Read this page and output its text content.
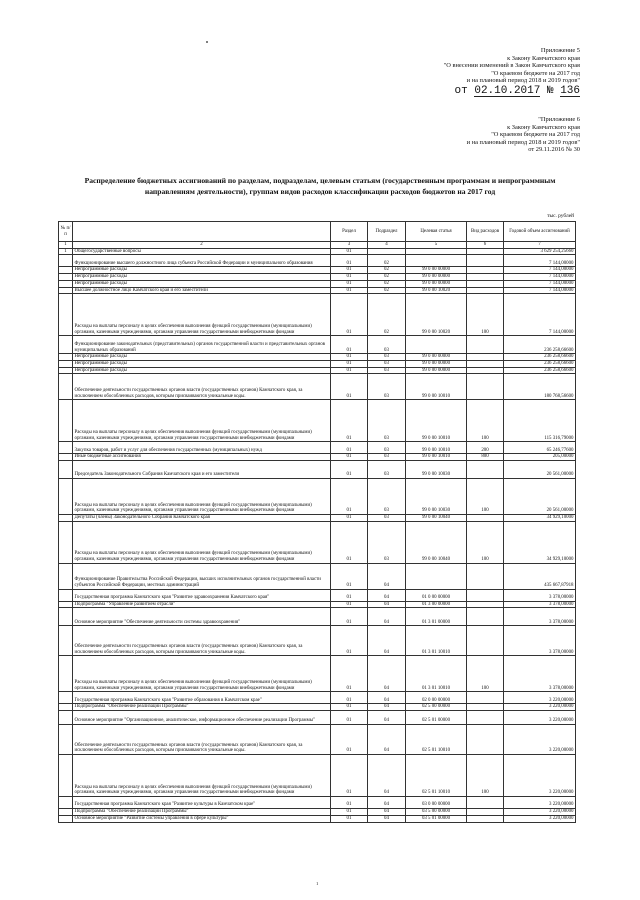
Приложение 5
к Закону Камчатского края
"О внесении изменений в Закон Камчатского края
"О краевом бюджете на 2017 год
и на плановый период 2018 и 2019 годов"
от 02.10.2017 № 136
"Приложение 6
к Закону Камчатского края
"О краевом бюджете на 2017 год
и на плановый период 2018 и 2019 годов"
от 29.11.2016 № 30
Распределение бюджетных ассигнований по разделам, подразделам, целевым статьям (государственным программам и непрограммным направлениям деятельности), группам видов расходов классификации расходов бюджетов на 2017 год
тыс. рублей
№ п/п		Раздел	Подраздел	Целевая статья	Вид расходов	Годовой объем ассигнований
1	2	3	4	5	6	7
1	Общегосударственные вопросы	01				3 629 254,25660
	Функционирование высшего должностного лица субъекта Российской Федерации и муниципального образования	01	02			7 144,00000
	Непрограммные расходы	01	02	99 0 00 00000		7 144,00000
	Непрограммные расходы	01	02	99 0 00 00000		7 144,00000
	Непрограммные расходы	01	02	99 0 00 00000		7 144,00000
	Высшее должностное лицо Камчатского края и его заместители	01	02	99 0 00 10020		7 144,00000
	Расходы на выплаты персоналу в целях обеспечения выполнения функций государственными (муниципальными) органами, казенными учреждениями, органами управления государственными внебюджетными фондами	01	02	99 0 00 10020	100	7 144,00000
	Функционирование законодательных (представительных) органов государственной власти и представительных органов муниципальных образований	01	03			236 258,66600
	Непрограммные расходы	01	03	99 0 00 00000		236 258,66600
	Непрограммные расходы	01	03	99 0 00 00000		236 258,66600
	Непрограммные расходы	01	03	99 0 00 00000		236 258,66600
	Обеспечение деятельности государственных органов власти (государственных органов) Камчатского края, за исключением обособленных расходов, которым присваиваются уникальные коды.	01	03	99 0 00 10010		180 768,56600
	Расходы на выплаты персоналу в целях обеспечения выполнения функций государственными (муниципальными) органами, казенными учреждениями, органами управления государственными внебюджетными фондами	01	03	99 0 00 10010	100	115 316,79000
	Закупка товаров, работ и услуг для обеспечения государственных (муниципальных) нужд	01	03	99 0 00 10010	200	65 246,77600
	Иные бюджетные ассигнования	01	03	99 0 00 10010	800	205,00000
	Председатель Законодательного Собрания Камчатского края и его заместители	01	03	99 0 00 10030		20 561,00000
	Расходы на выплаты персоналу в целях обеспечения выполнения функций государственными (муниципальными) органами, казенными учреждениями, органами управления государственными внебюджетными фондами	01	03	99 0 00 10030	100	20 561,00000
	Депутаты (члены) Законодательного Собрания Камчатского края	01	03	99 0 00 10040		34 929,10000
	Расходы на выплаты персоналу в целях обеспечения выполнения функций государственными (муниципальными) органами, казенными учреждениями, органами управления государственными внебюджетными фондами	01	03	99 0 00 10040	100	34 929,10000
	Функционирование Правительства Российской Федерации, высших исполнительных органов государственной власти субъектов Российской Федерации, местных администраций	01	04			435 667,87918
	Государственная программа Камчатского края "Развитие здравоохранения Камчатского края"	01	04	01 0 00 00000		3 378,00000
	Подпрограмма "Управление развитием отрасли"	01	04	01 3 00 00000		3 378,00000
	Основное мероприятие "Обеспечение деятельности системы здравоохранения"	01	04	01 3 01 00000		3 378,00000
	Обеспечение деятельности государственных органов власти (государственных органов) Камчатского края, за исключением обособленных расходов, которым присваиваются уникальные коды.	01	04	01 3 01 10010		3 378,00000
	Расходы на выплаты персоналу в целях обеспечения выполнения функций государственными (муниципальными) органами, казенными учреждениями, органами управления государственными внебюджетными фондами	01	04	01 3 01 10010	100	3 378,00000
	Государственная программа Камчатского края "Развитие образования в Камчатском крае"	01	04	02 0 00 00000		3 220,00000
	Подпрограмма "Обеспечение реализации Программы"	01	04	02 5 00 00000		3 220,00000
	Основное мероприятие "Организационное, аналитическое, информационное обеспечение реализации Программы"	01	04	02 5 01 00000		3 220,00000
	Обеспечение деятельности государственных органов власти (государственных органов) Камчатского края, за исключением обособленных расходов, которым присваиваются уникальные коды.	01	04	02 5 01 10010		3 220,00000
	Расходы на выплаты персоналу в целях обеспечения выполнения функций государственными (муниципальными) органами, казенными учреждениями, органами управления государственными внебюджетными фондами	01	04	02 5 01 10010	100	3 220,00000
	Государственная программа Камчатского края "Развитие культуры в Камчатском крае"	01	04	03 0 00 00000		3 220,00000
	Подпрограмма "Обеспечение реализации Программы"	01	04	03 5 00 00000		3 220,00000
	Основное мероприятие "Развитие системы управления в сфере культуры"	01	04	03 5 01 00000		3 220,00000
1
